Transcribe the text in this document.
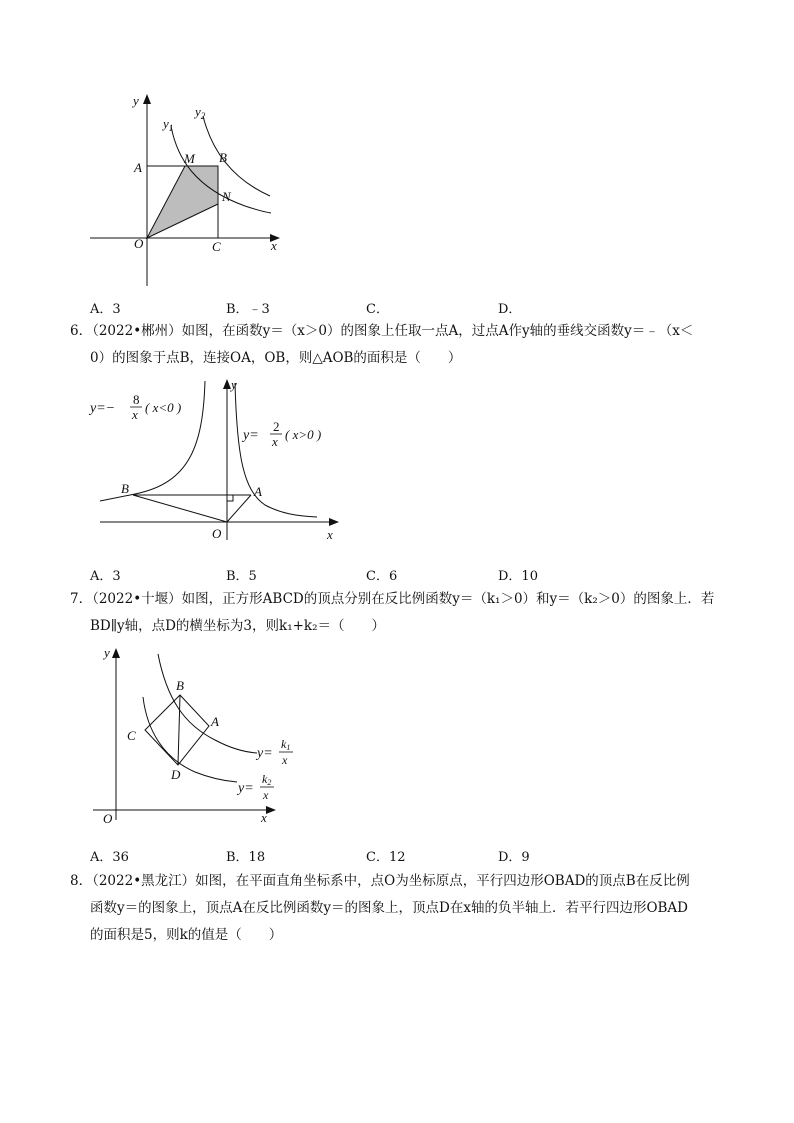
y
$y_1$
$y_2$
A
M B
N
O	C	x
A．3	B．﹣3	C．	D．
6．（2022•郴州）如图，在函数y＝（x＞0）的图象上任取一点A，过点A作y轴的垂线交函数y＝﹣（x＜
0）的图象于点B，连接OA，OB，则△AOB的面积是（　　）
y=−
8
x ( x<0 )
y=
2
x ( x>0 )
B	A
O	x
y
A．3	B．5	C．6	D．10
7．（2022•十堰）如图，正方形ABCD的顶点分别在反比例函数y＝（k₁＞0）和y＝（k₂＞0）的图象上．若
BD∥y轴，点D的横坐标为3，则k₁+k₂＝（　　）
y
B
A
C
D
O	x
y=
k1
x
y=
k2
x
A．36	B．18	C．12	D．9
8．（2022•黑龙江）如图，在平面直角坐标系中，点O为坐标原点，平行四边形OBAD的顶点B在反比例
函数y＝的图象上，顶点A在反比例函数y＝的图象上，顶点D在x轴的负半轴上．若平行四边形OBAD
的面积是5，则k的值是（　　）
